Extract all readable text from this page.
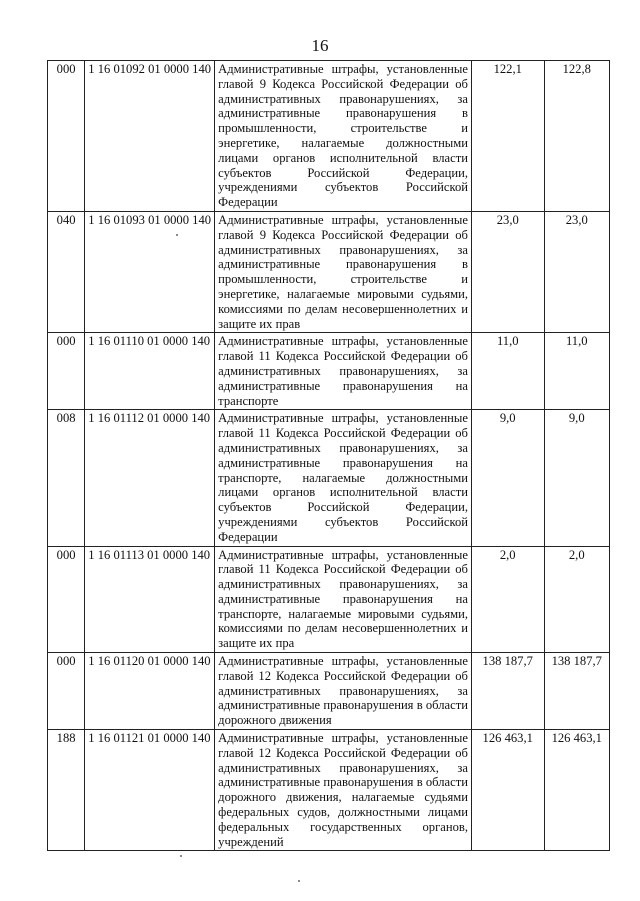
16
000	1 16 01092 01 0000 140	Административные штрафы, установленные главой 9 Кодекса Российской Федерации об административных правонарушениях, за административные правонарушения в промышленности, строительстве и энергетике, налагаемые должностными лицами органов исполнительной власти субъектов Российской Федерации, учреждениями субъектов Российской Федерации	122,1	122,8
040	1 16 01093 01 0000 140	Административные штрафы, установленные главой 9 Кодекса Российской Федерации об административных правонарушениях, за административные правонарушения в промышленности, строительстве и энергетике, налагаемые мировыми судьями, комиссиями по делам несовершеннолетних и защите их прав	23,0	23,0
000	1 16 01110 01 0000 140	Административные штрафы, установленные главой 11 Кодекса Российской Федерации об административных правонарушениях, за административные правонарушения на транспорте	11,0	11,0
008	1 16 01112 01 0000 140	Административные штрафы, установленные главой 11 Кодекса Российской Федерации об административных правонарушениях, за административные правонарушения на транспорте, налагаемые должностными лицами органов исполнительной власти субъектов Российской Федерации, учреждениями субъектов Российской Федерации	9,0	9,0
000	1 16 01113 01 0000 140	Административные штрафы, установленные главой 11 Кодекса Российской Федерации об административных правонарушениях, за административные правонарушения на транспорте, налагаемые мировыми судьями, комиссиями по делам несовершеннолетних и защите их пра	2,0	2,0
000	1 16 01120 01 0000 140	Административные штрафы, установленные главой 12 Кодекса Российской Федерации об административных правонарушениях, за административные правонарушения в области дорожного движения	138 187,7	138 187,7
188	1 16 01121 01 0000 140	Административные штрафы, установленные главой 12 Кодекса Российской Федерации об административных правонарушениях, за административные правонарушения в области дорожного движения, налагаемые судьями федеральных судов, должностными лицами федеральных государственных органов, учреждений	126 463,1	126 463,1
